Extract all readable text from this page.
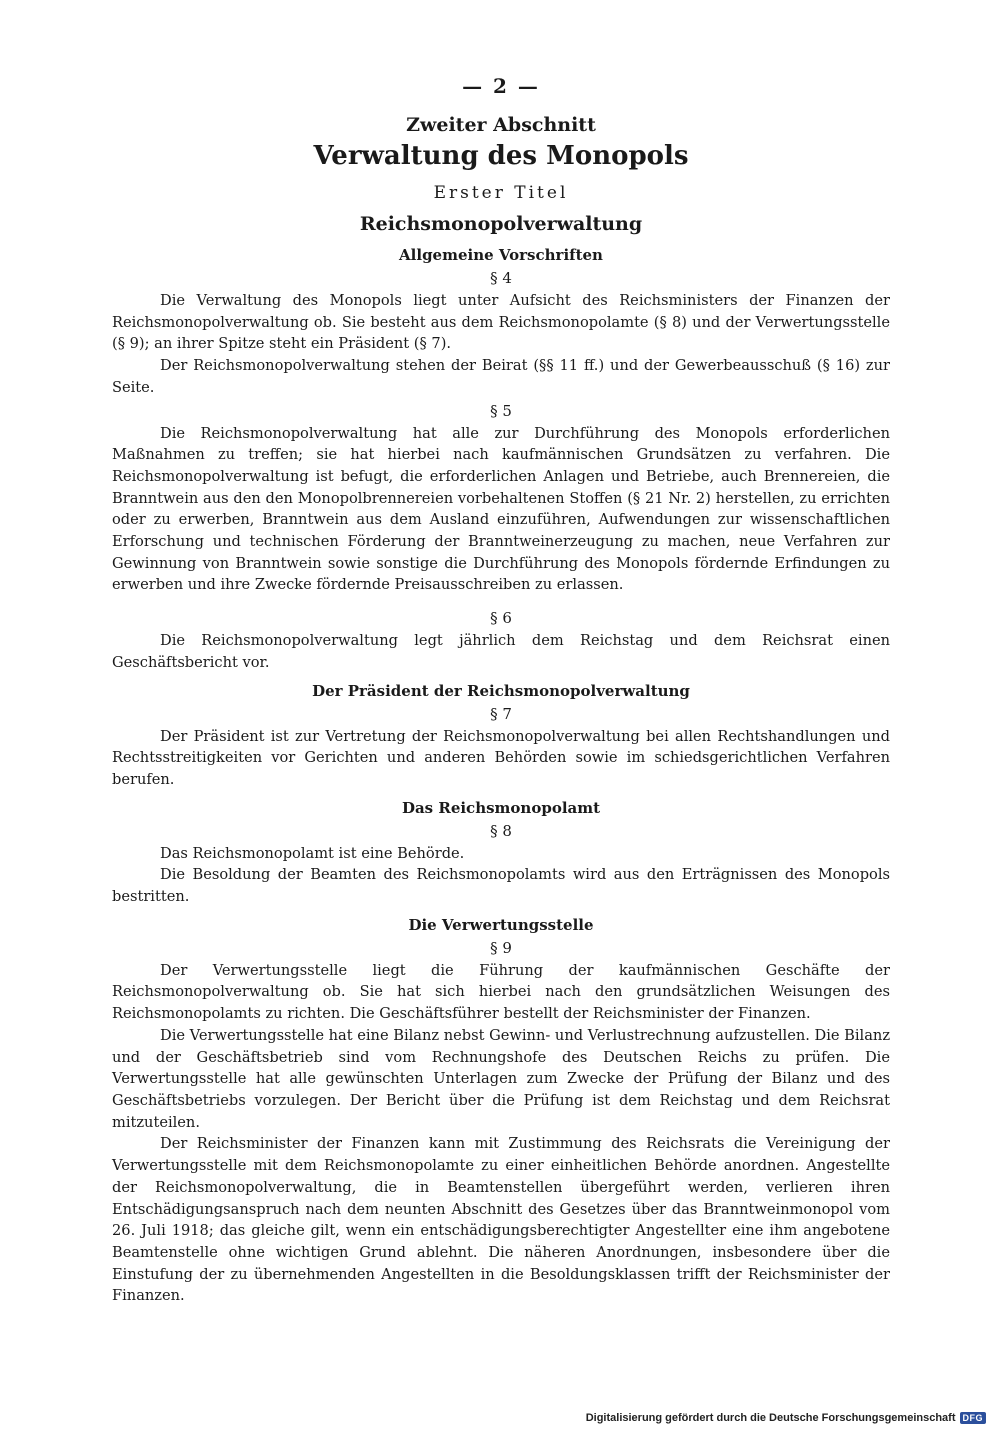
— 2 —
Zweiter Abschnitt
Verwaltung des Monopols
Erster Titel
Reichsmonopolverwaltung
Allgemeine Vorschriften
§ 4

Die Verwaltung des Monopols liegt unter Aufsicht des Reichsministers der Finanzen der Reichsmonopolverwaltung ob. Sie besteht aus dem Reichsmonopolamte (§ 8) und der Verwertungsstelle (§ 9); an ihrer Spitze steht ein Präsident (§ 7).

Der Reichsmonopolverwaltung stehen der Beirat (§§ 11 ff.) und der Gewerbeausschuß (§ 16) zur Seite.

§ 5

Die Reichsmonopolverwaltung hat alle zur Durchführung des Monopols erforderlichen Maßnahmen zu treffen; sie hat hierbei nach kaufmännischen Grundsätzen zu verfahren. Die Reichsmonopolverwaltung ist befugt, die erforderlichen Anlagen und Betriebe, auch Brennereien, die Branntwein aus den den Monopolbrennereien vorbehaltenen Stoffen (§ 21 Nr. 2) herstellen, zu errichten oder zu erwerben, Branntwein aus dem Ausland einzuführen, Aufwendungen zur wissenschaftlichen Erforschung und technischen Förderung der Branntweinerzeugung zu machen, neue Verfahren zur Gewinnung von Branntwein sowie sonstige die Durchführung des Monopols fördernde Erfindungen zu erwerben und ihre Zwecke fördernde Preisausschreiben zu erlassen.

§ 6

Die Reichsmonopolverwaltung legt jährlich dem Reichstag und dem Reichsrat einen Geschäftsbericht vor.

Der Präsident der Reichsmonopolverwaltung
§ 7

Der Präsident ist zur Vertretung der Reichsmonopolverwaltung bei allen Rechtshandlungen und Rechtsstreitigkeiten vor Gerichten und anderen Behörden sowie im schiedsgerichtlichen Verfahren berufen.

Das Reichsmonopolamt
§ 8

Das Reichsmonopolamt ist eine Behörde.

Die Besoldung der Beamten des Reichsmonopolamts wird aus den Erträgnissen des Monopols bestritten.

Die Verwertungsstelle
§ 9

Der Verwertungsstelle liegt die Führung der kaufmännischen Geschäfte der Reichsmonopolverwaltung ob. Sie hat sich hierbei nach den grundsätzlichen Weisungen des Reichsmonopolamts zu richten. Die Geschäftsführer bestellt der Reichsminister der Finanzen.

Die Verwertungsstelle hat eine Bilanz nebst Gewinn- und Verlustrechnung aufzustellen. Die Bilanz und der Geschäftsbetrieb sind vom Rechnungshofe des Deutschen Reichs zu prüfen. Die Verwertungsstelle hat alle gewünschten Unterlagen zum Zwecke der Prüfung der Bilanz und des Geschäftsbetriebs vorzulegen. Der Bericht über die Prüfung ist dem Reichstag und dem Reichsrat mitzuteilen.

Der Reichsminister der Finanzen kann mit Zustimmung des Reichsrats die Vereinigung der Verwertungsstelle mit dem Reichsmonopolamte zu einer einheitlichen Behörde anordnen. Angestellte der Reichsmonopolverwaltung, die in Beamtenstellen übergeführt werden, verlieren ihren Entschädigungsanspruch nach dem neunten Abschnitt des Gesetzes über das Branntweinmonopol vom 26. Juli 1918; das gleiche gilt, wenn ein entschädigungsberechtigter Angestellter eine ihm angebotene Beamtenstelle ohne wichtigen Grund ablehnt. Die näheren Anordnungen, insbesondere über die Einstufung der zu übernehmenden Angestellten in die Besoldungsklassen trifft der Reichsminister der Finanzen.

Digitalisierung gefördert durch die Deutsche Forschungsgemeinschaft DFG
